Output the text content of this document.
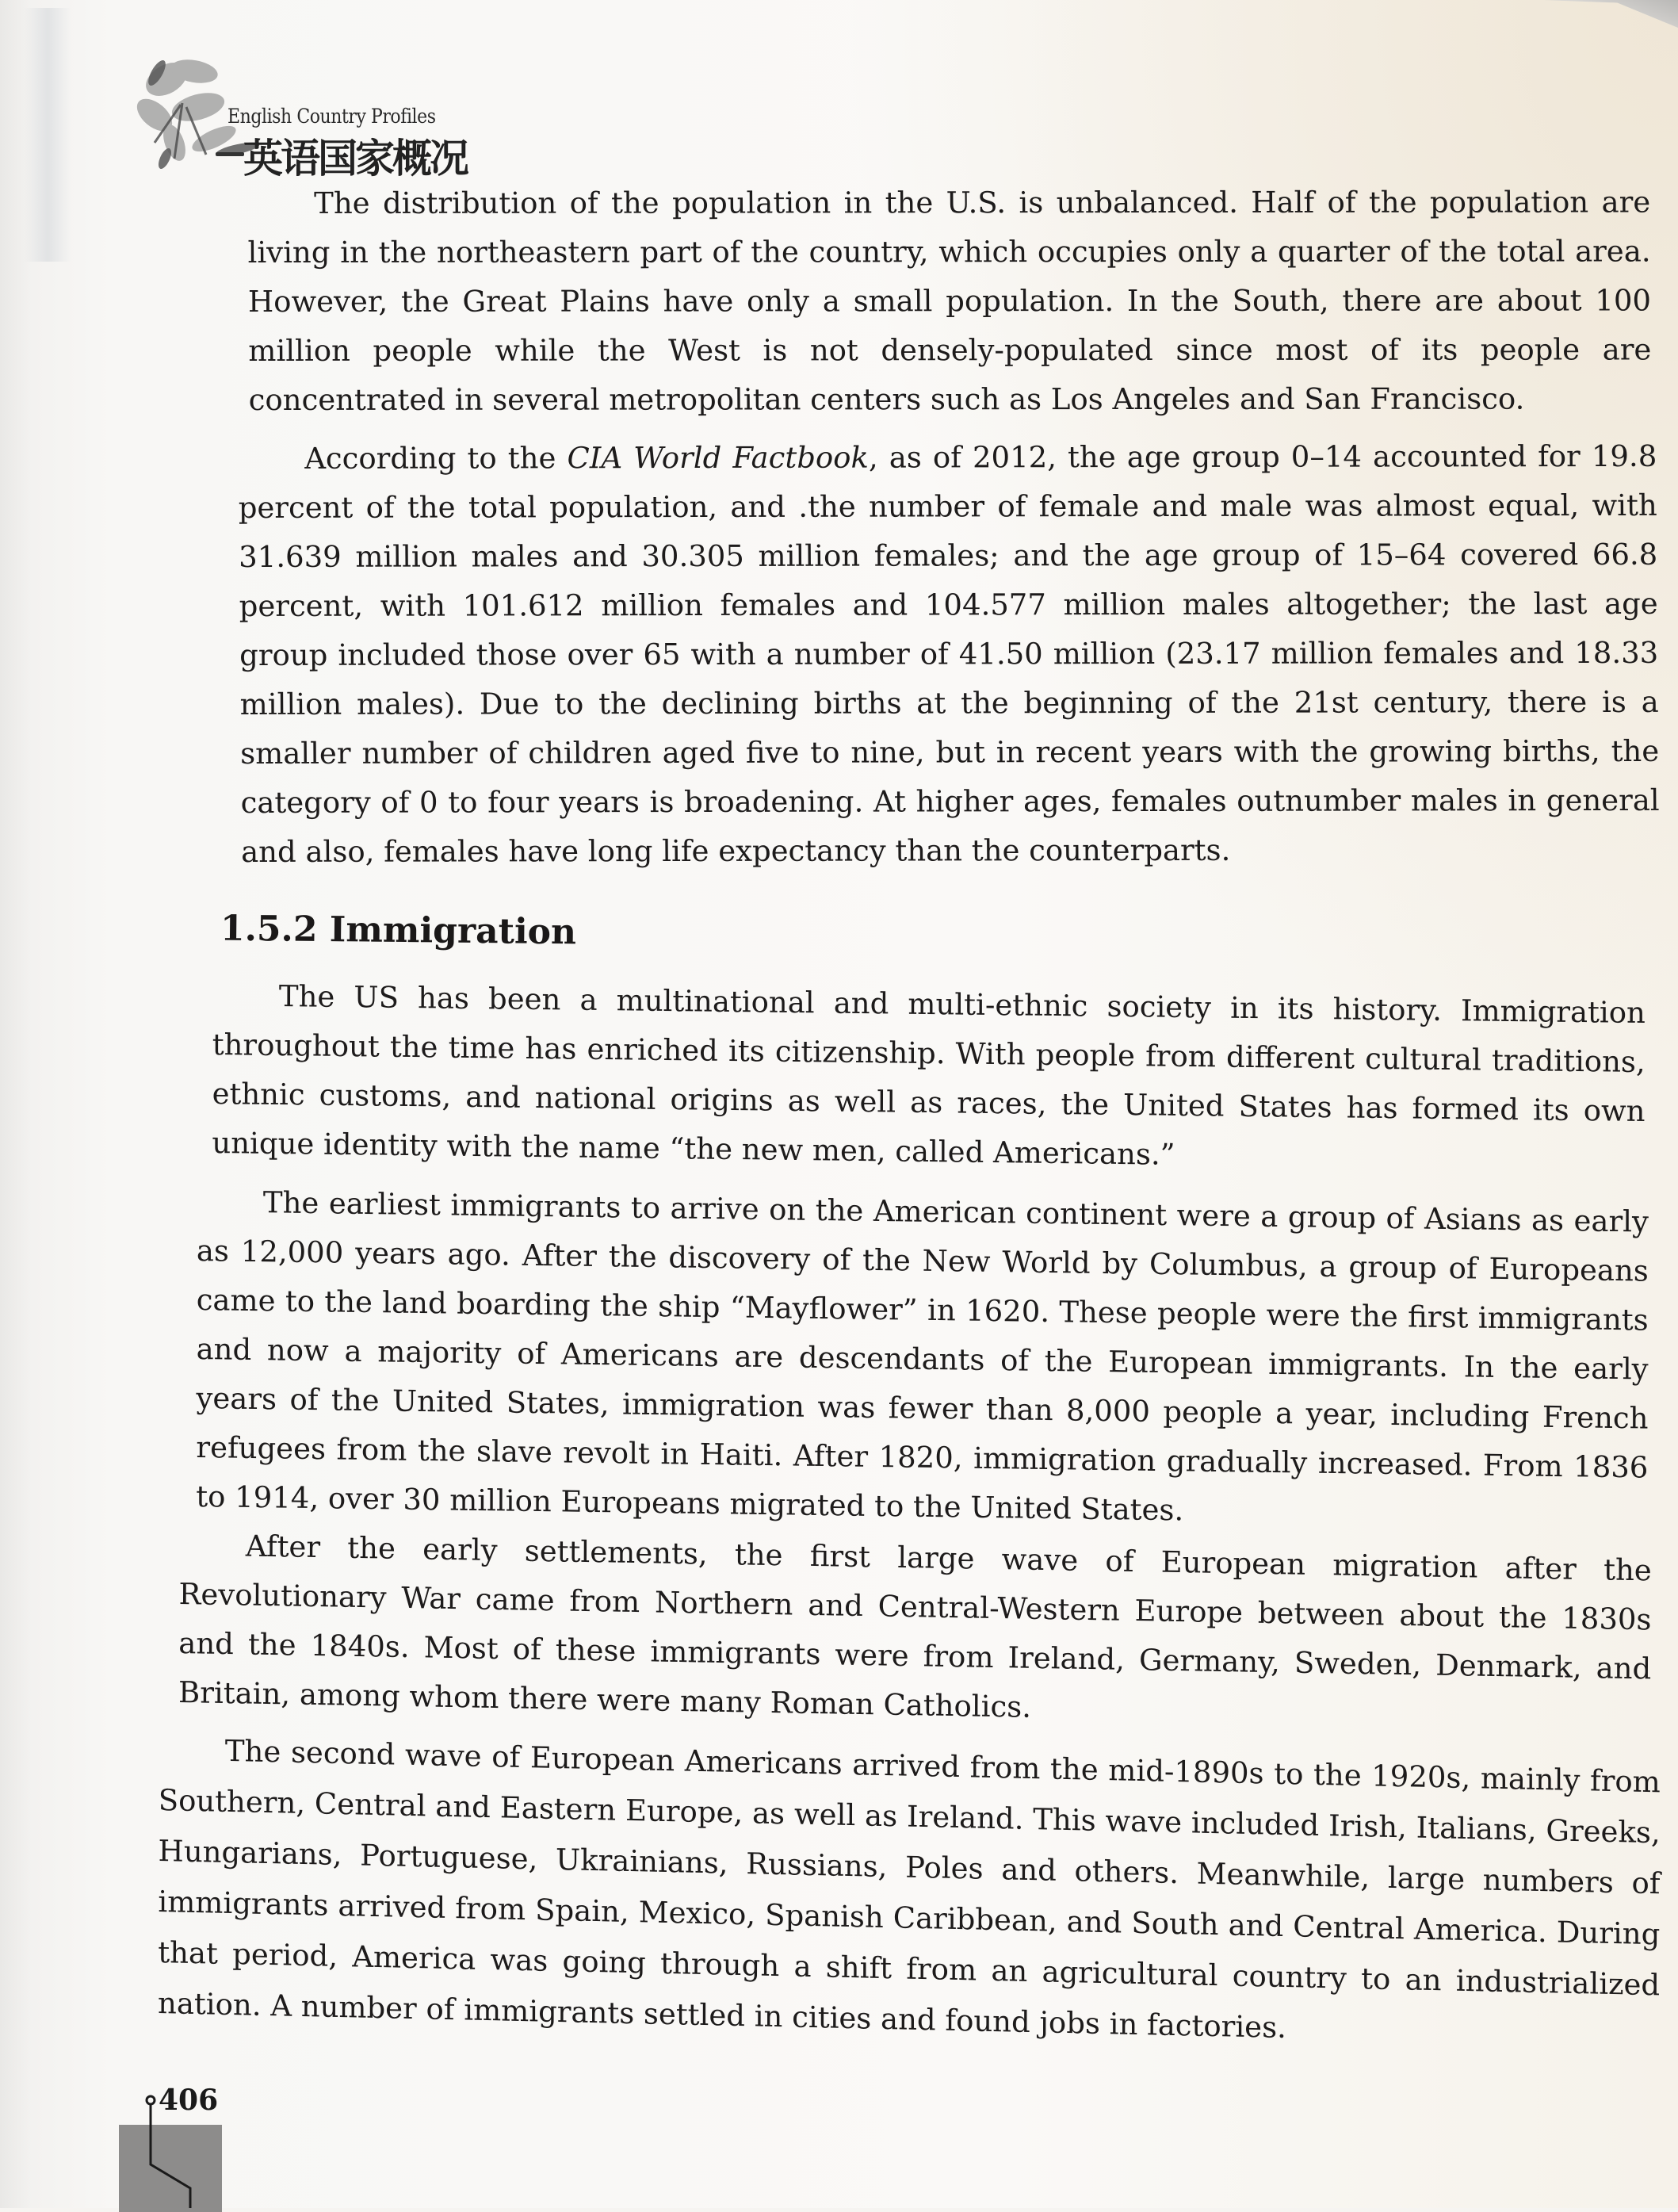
English Country Profiles
英语国家概况

The distribution of the population in the U.S. is unbalanced. Half of the population are living in the northeastern part of the country, which occupies only a quarter of the total area. However, the Great Plains have only a small population. In the South, there are about 100 million people while the West is not densely-populated since most of its people are concentrated in several metropolitan centers such as Los Angeles and San Francisco.

According to the CIA World Factbook, as of 2012, the age group 0–14 accounted for 19.8 percent of the total population, and .the number of female and male was almost equal, with 31.639 million males and 30.305 million females; and the age group of 15–64 covered 66.8 percent, with 101.612 million females and 104.577 million males altogether; the last age group included those over 65 with a number of 41.50 million (23.17 million females and 18.33 million males). Due to the declining births at the beginning of the 21st century, there is a smaller number of children aged five to nine, but in recent years with the growing births, the category of 0 to four years is broadening. At higher ages, females outnumber males in general and also, females have long life expectancy than the counterparts.

1.5.2 Immigration

The US has been a multinational and multi-ethnic society in its history. Immigration throughout the time has enriched its citizenship. With people from different cultural traditions, ethnic customs, and national origins as well as races, the United States has formed its own unique identity with the name “the new men, called Americans.”

The earliest immigrants to arrive on the American continent were a group of Asians as early as 12,000 years ago. After the discovery of the New World by Columbus, a group of Europeans came to the land boarding the ship “Mayflower” in 1620. These people were the first immigrants and now a majority of Americans are descendants of the European immigrants. In the early years of the United States, immigration was fewer than 8,000 people a year, including French refugees from the slave revolt in Haiti. After 1820, immigration gradually increased. From 1836 to 1914, over 30 million Europeans migrated to the United States.

After the early settlements, the first large wave of European migration after the Revolutionary War came from Northern and Central-Western Europe between about the 1830s and the 1840s. Most of these immigrants were from Ireland, Germany, Sweden, Denmark, and Britain, among whom there were many Roman Catholics.

The second wave of European Americans arrived from the mid-1890s to the 1920s, mainly from Southern, Central and Eastern Europe, as well as Ireland. This wave included Irish, Italians, Greeks, Hungarians, Portuguese, Ukrainians, Russians, Poles and others. Meanwhile, large numbers of immigrants arrived from Spain, Mexico, Spanish Caribbean, and South and Central America. During that period, America was going through a shift from an agricultural country to an industrialized nation. A number of immigrants settled in cities and found jobs in factories.

406
